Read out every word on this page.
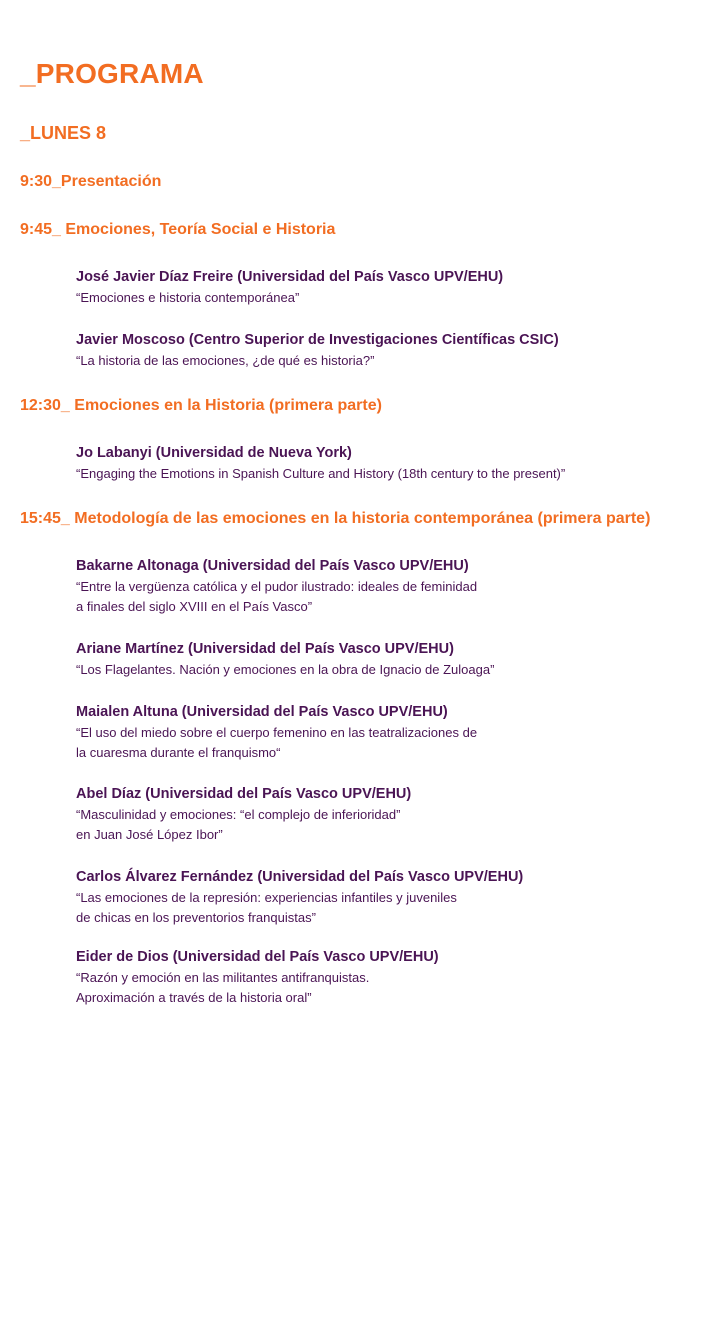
_PROGRAMA
_LUNES 8
9:30_Presentación
9:45_ Emociones, Teoría Social e Historia

José Javier Díaz Freire (Universidad del País Vasco UPV/EHU)

“Emociones e historia contemporánea”

Javier Moscoso (Centro Superior de Investigaciones Científicas CSIC)

“La historia de las emociones, ¿de qué es historia?”

12:30_ Emociones en la Historia (primera parte)

Jo Labanyi (Universidad de Nueva York)

“Engaging the Emotions in Spanish Culture and History (18th century to the present)”

15:45_ Metodología de las emociones en la historia contemporánea (primera parte)

Bakarne Altonaga (Universidad del País Vasco UPV/EHU)

“Entre la vergüenza católica y el pudor ilustrado: ideales de feminidad
a finales del siglo XVIII en el País Vasco”

Ariane Martínez (Universidad del País Vasco UPV/EHU)

“Los Flagelantes. Nación y emociones en la obra de Ignacio de Zuloaga”

Maialen Altuna (Universidad del País Vasco UPV/EHU)

“El uso del miedo sobre el cuerpo femenino en las teatralizaciones de
la cuaresma durante el franquismo“

Abel Díaz (Universidad del País Vasco UPV/EHU)

“Masculinidad y emociones: “el complejo de inferioridad”
en Juan José López Ibor”

Carlos Álvarez Fernández (Universidad del País Vasco UPV/EHU)

“Las emociones de la represión: experiencias infantiles y juveniles
de chicas en los preventorios franquistas”

Eider de Dios (Universidad del País Vasco UPV/EHU)

“Razón y emoción en las militantes antifranquistas.
Aproximación a través de la historia oral”
